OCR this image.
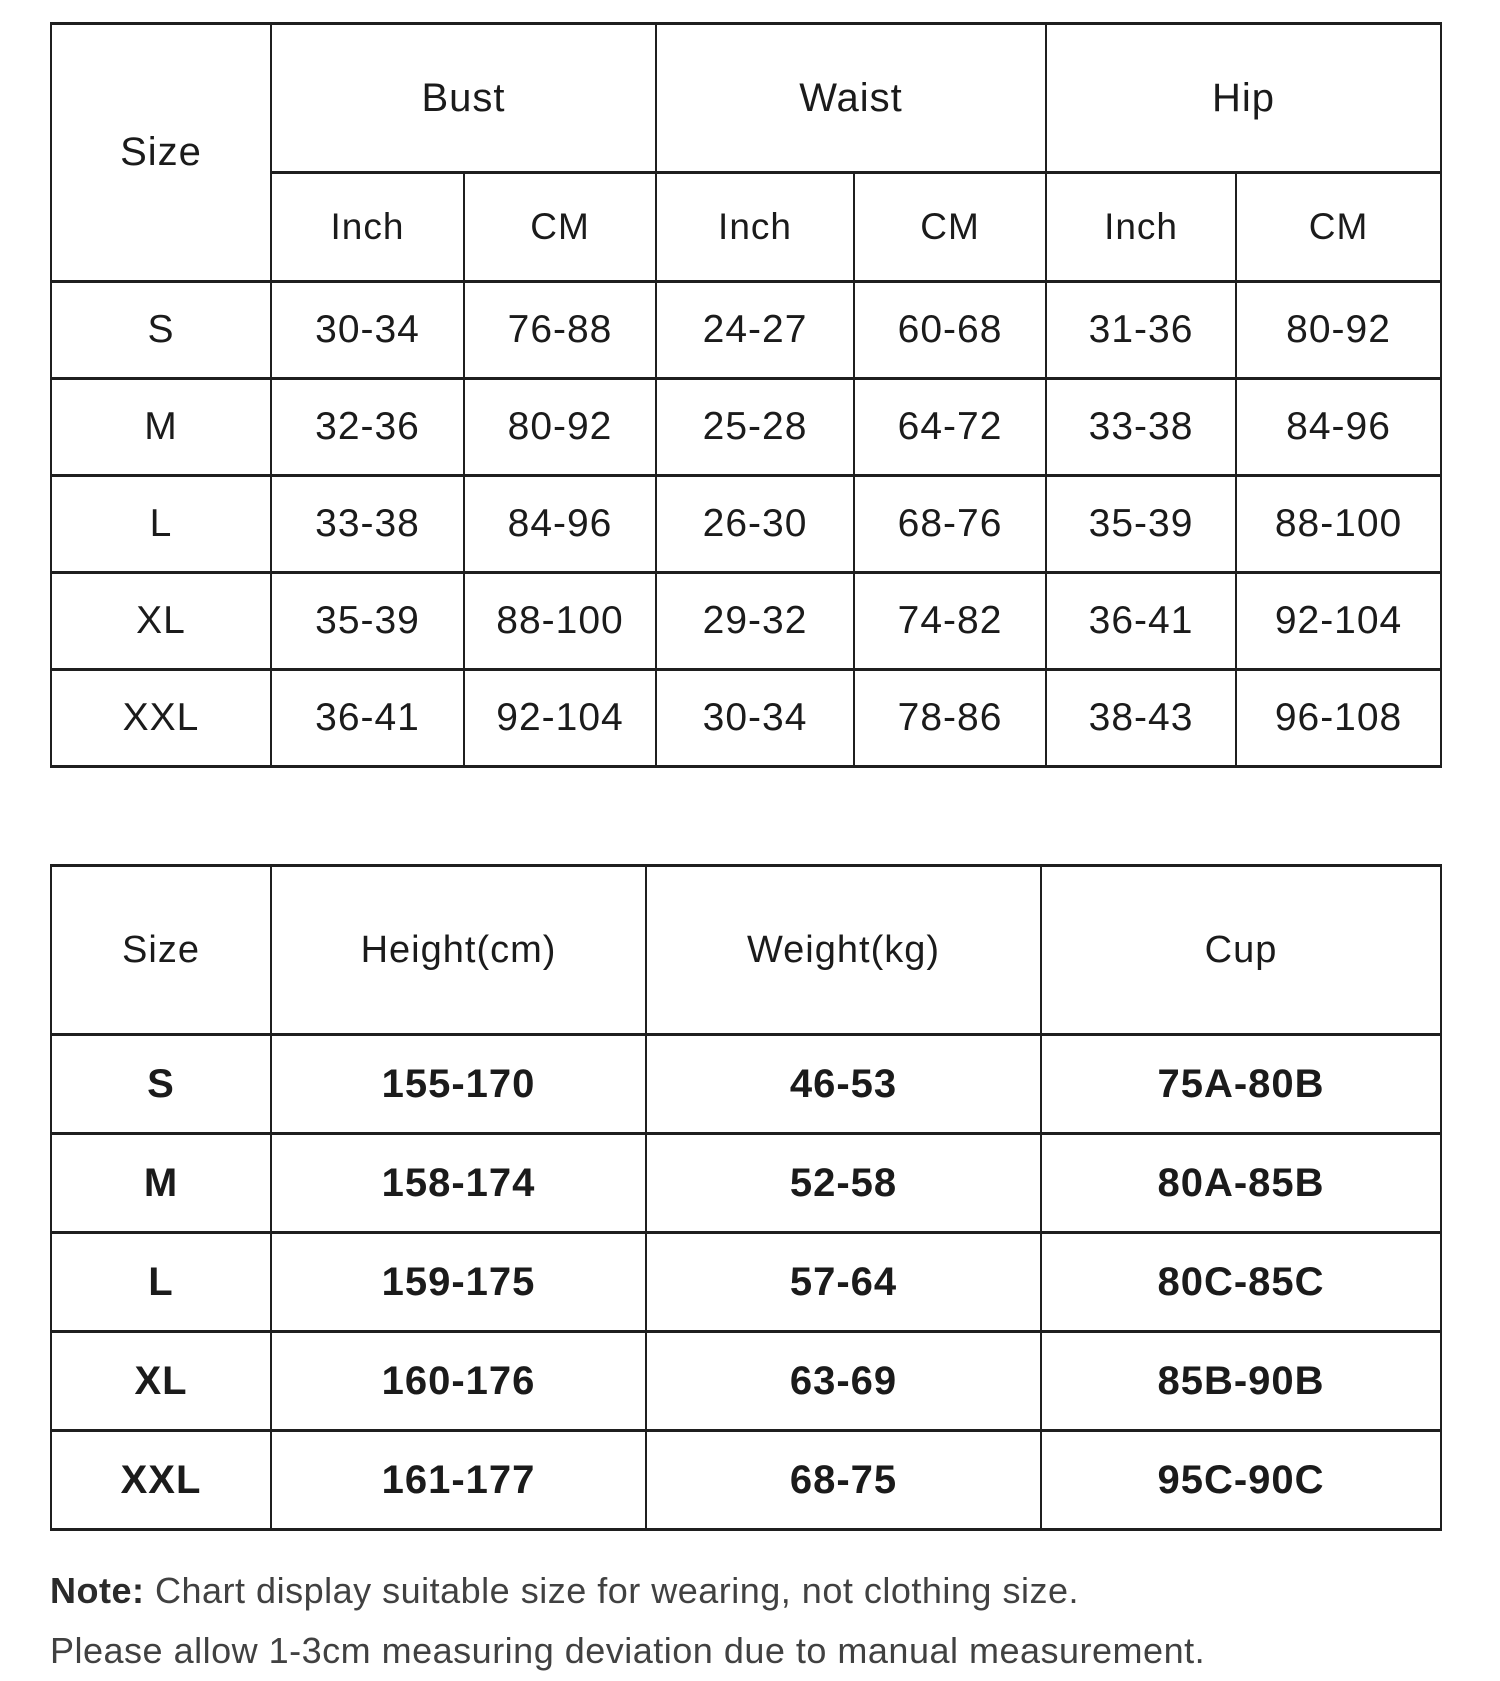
Size	Bust		Waist		Hip	
	Inch	CM	Inch	CM	Inch	CM
S	30-34	76-88	24-27	60-68	31-36	80-92
M	32-36	80-92	25-28	64-72	33-38	84-96
L	33-38	84-96	26-30	68-76	35-39	88-100
XL	35-39	88-100	29-32	74-82	36-41	92-104
XXL	36-41	92-104	30-34	78-86	38-43	96-108
Size	Height(cm)	Weight(kg)	Cup
S	155-170	46-53	75A-80B
M	158-174	52-58	80A-85B
L	159-175	57-64	80C-85C
XL	160-176	63-69	85B-90B
XXL	161-177	68-75	95C-90C
Note: Chart display suitable size for wearing, not clothing size.
Please allow 1-3cm measuring deviation due to manual measurement.
